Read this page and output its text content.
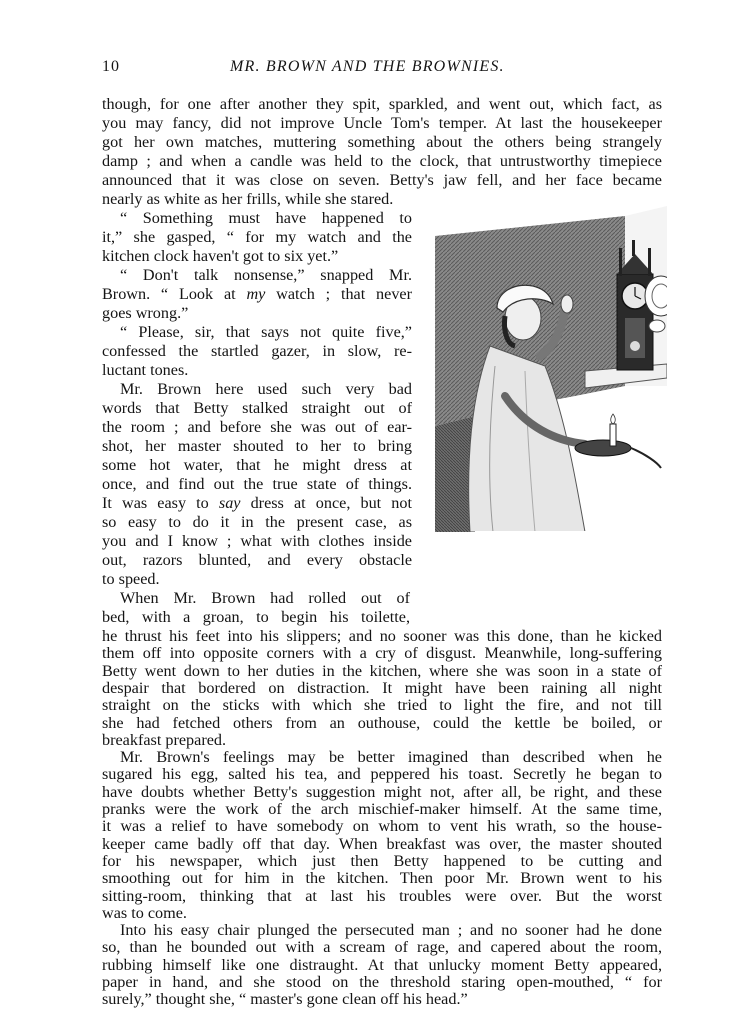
10	MR. BROWN AND THE BROWNIES.
though, for one after another they spit, sparkled, and went out, which fact, as
you may fancy, did not improve Uncle Tom's temper. At last the housekeeper
got her own matches, muttering something about the others being strangely
damp ; and when a candle was held to the clock, that untrustworthy timepiece
announced that it was close on seven. Betty's jaw fell, and her face became
nearly as white as her frills, while she stared.
“ Something must have happened to
it,” she gasped, “ for my watch and the
kitchen clock haven't got to six yet.”
“ Don't talk nonsense,” snapped Mr.
Brown. “ Look at my watch ; that never
goes wrong.”
“ Please, sir, that says not quite five,”
confessed the startled gazer, in slow, re-
luctant tones.
Mr. Brown here used such very bad
words that Betty stalked straight out of
the room ; and before she was out of ear-
shot, her master shouted to her to bring
some hot water, that he might dress at
once, and find out the true state of things.
It was easy to say dress at once, but not
so easy to do it in the present case, as
you and I know ; what with clothes inside
out, razors blunted, and every obstacle
to speed.
When Mr. Brown had rolled out of
bed, with a groan, to begin his toilette,
he thrust his feet into his slippers; and no sooner was this done, than he kicked
them off into opposite corners with a cry of disgust. Meanwhile, long-suffering
Betty went down to her duties in the kitchen, where she was soon in a state of
despair that bordered on distraction. It might have been raining all night
straight on the sticks with which she tried to light the fire, and not till
she had fetched others from an outhouse, could the kettle be boiled, or
breakfast prepared.
Mr. Brown's feelings may be better imagined than described when he
sugared his egg, salted his tea, and peppered his toast. Secretly he began to
have doubts whether Betty's suggestion might not, after all, be right, and these
pranks were the work of the arch mischief-maker himself. At the same time,
it was a relief to have somebody on whom to vent his wrath, so the house-
keeper came badly off that day. When breakfast was over, the master shouted
for his newspaper, which just then Betty happened to be cutting and
smoothing out for him in the kitchen. Then poor Mr. Brown went to his
sitting-room, thinking that at last his troubles were over. But the worst
was to come.
Into his easy chair plunged the persecuted man ; and no sooner had he done
so, than he bounded out with a scream of rage, and capered about the room,
rubbing himself like one distraught. At that unlucky moment Betty appeared,
paper in hand, and she stood on the threshold staring open-mouthed, “ for
surely,” thought she, “ master's gone clean off his head.”
